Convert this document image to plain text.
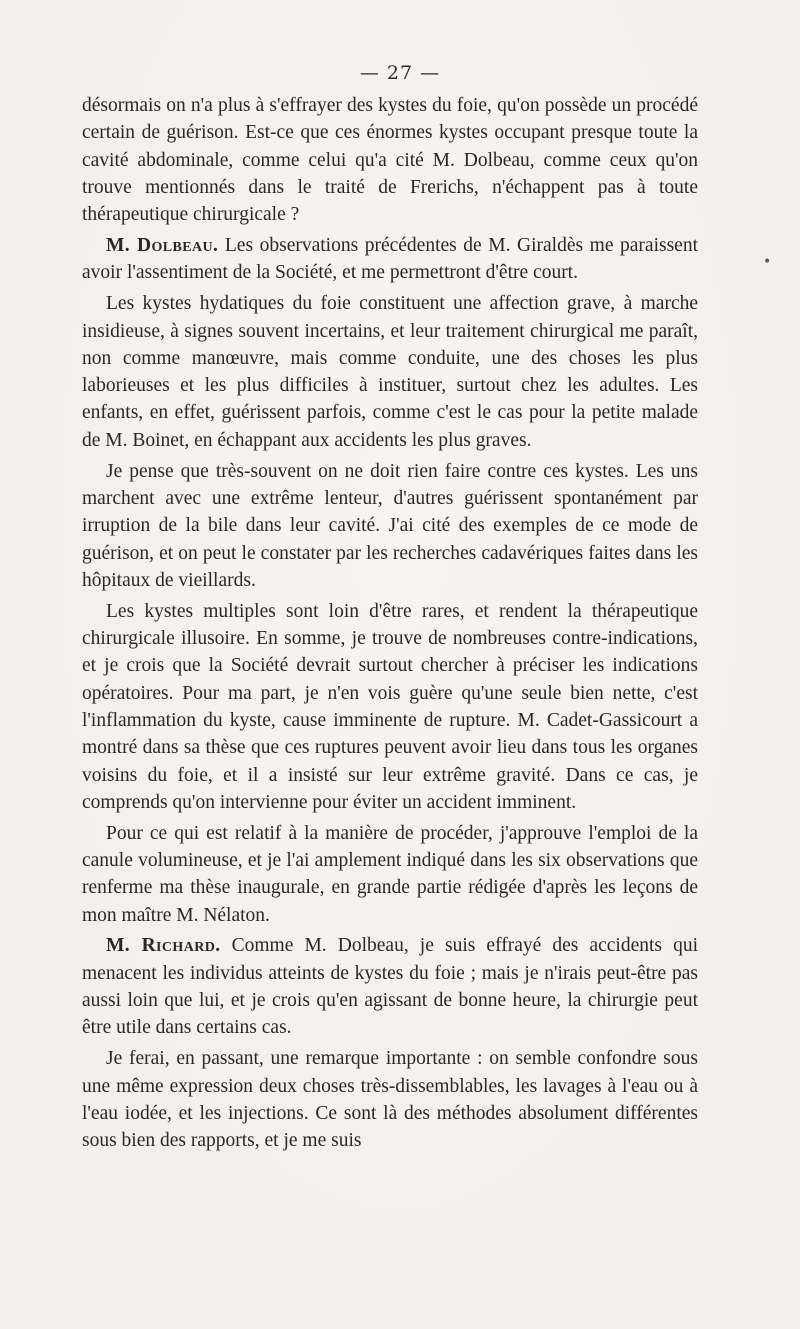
— 27 —
•

désormais on n'a plus à s'effrayer des kystes du foie, qu'on possède un procédé certain de guérison. Est-ce que ces énormes kystes occupant presque toute la cavité abdominale, comme celui qu'a cité M. Dolbeau, comme ceux qu'on trouve mentionnés dans le traité de Frerichs, n'échappent pas à toute thérapeutique chirurgicale ?

M. Dolbeau. Les observations précédentes de M. Giraldès me paraissent avoir l'assentiment de la Société, et me permettront d'être court.

Les kystes hydatiques du foie constituent une affection grave, à marche insidieuse, à signes souvent incertains, et leur traitement chirurgical me paraît, non comme manœuvre, mais comme conduite, une des choses les plus laborieuses et les plus difficiles à instituer, surtout chez les adultes. Les enfants, en effet, guérissent parfois, comme c'est le cas pour la petite malade de M. Boinet, en échappant aux accidents les plus graves.

Je pense que très-souvent on ne doit rien faire contre ces kystes. Les uns marchent avec une extrême lenteur, d'autres guérissent spontanément par irruption de la bile dans leur cavité. J'ai cité des exemples de ce mode de guérison, et on peut le constater par les recherches cadavériques faites dans les hôpitaux de vieillards.

Les kystes multiples sont loin d'être rares, et rendent la thérapeutique chirurgicale illusoire. En somme, je trouve de nombreuses contre-indications, et je crois que la Société devrait surtout chercher à préciser les indications opératoires. Pour ma part, je n'en vois guère qu'une seule bien nette, c'est l'inflammation du kyste, cause imminente de rupture. M. Cadet-Gassicourt a montré dans sa thèse que ces ruptures peuvent avoir lieu dans tous les organes voisins du foie, et il a insisté sur leur extrême gravité. Dans ce cas, je comprends qu'on intervienne pour éviter un accident imminent.

Pour ce qui est relatif à la manière de procéder, j'approuve l'emploi de la canule volumineuse, et je l'ai amplement indiqué dans les six observations que renferme ma thèse inaugurale, en grande partie rédigée d'après les leçons de mon maître M. Nélaton.

M. Richard. Comme M. Dolbeau, je suis effrayé des accidents qui menacent les individus atteints de kystes du foie ; mais je n'irais peut-être pas aussi loin que lui, et je crois qu'en agissant de bonne heure, la chirurgie peut être utile dans certains cas.

Je ferai, en passant, une remarque importante : on semble confondre sous une même expression deux choses très-dissemblables, les lavages à l'eau ou à l'eau iodée, et les injections. Ce sont là des méthodes absolument différentes sous bien des rapports, et je me suis
